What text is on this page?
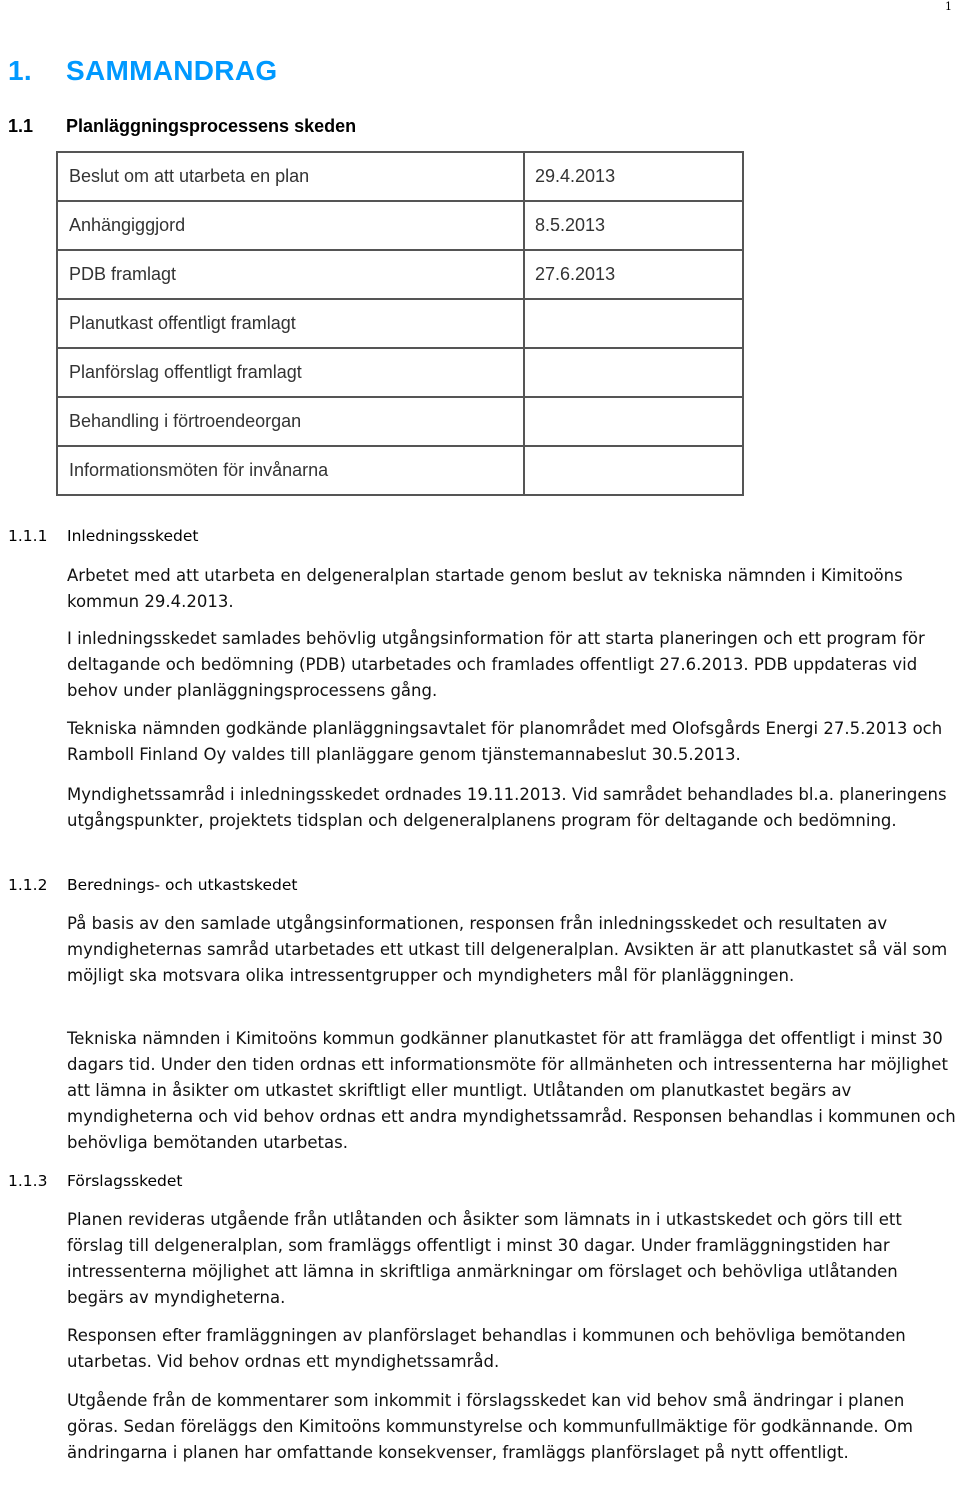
1
1. SAMMANDRAG
1.1 Planläggningsprocessens skeden
Beslut om att utarbeta en plan	29.4.2013
Anhängiggjord	8.5.2013
PDB framlagt	27.6.2013
Planutkast offentligt framlagt	
Planförslag offentligt framlagt	
Behandling i förtroendeorgan	
Informationsmöten för invånarna	
1.1.1 Inledningsskedet

Arbetet med att utarbeta en delgeneralplan startade genom beslut av tekniska nämnden i Kimitoöns kommun 29.4.2013.

I inledningsskedet samlades behövlig utgångsinformation för att starta planeringen och ett program för deltagande och bedömning (PDB) utarbetades och framlades offentligt 27.6.2013. PDB uppdateras vid behov under planläggningsprocessens gång.

Tekniska nämnden godkände planläggningsavtalet för planområdet med Olofsgårds Energi 27.5.2013 och Ramboll Finland Oy valdes till planläggare genom tjänstemannabeslut 30.5.2013.

Myndighetssamråd i inledningsskedet ordnades 19.11.2013. Vid samrådet behandlades bl.a. planeringens utgångspunkter, projektets tidsplan och delgeneralplanens program för deltagande och bedömning.

1.1.2 Berednings- och utkastskedet

På basis av den samlade utgångsinformationen, responsen från inledningsskedet och resultaten av myndigheternas samråd utarbetades ett utkast till delgeneralplan. Avsikten är att planutkastet så väl som möjligt ska motsvara olika intressentgrupper och myndigheters mål för planläggningen.

Tekniska nämnden i Kimitoöns kommun godkänner planutkastet för att framlägga det offentligt i minst 30 dagars tid. Under den tiden ordnas ett informationsmöte för allmänheten och intressenterna har möjlighet att lämna in åsikter om utkastet skriftligt eller muntligt. Utlåtanden om planutkastet begärs av myndigheterna och vid behov ordnas ett andra myndighetssamråd. Responsen behandlas i kommunen och behövliga bemötanden utarbetas.

1.1.3 Förslagsskedet

Planen revideras utgående från utlåtanden och åsikter som lämnats in i utkastskedet och görs till ett förslag till delgeneralplan, som framläggs offentligt i minst 30 dagar. Under framläggningstiden har intressenterna möjlighet att lämna in skriftliga anmärkningar om förslaget och behövliga utlåtanden begärs av myndigheterna.

Responsen efter framläggningen av planförslaget behandlas i kommunen och behövliga bemötanden utarbetas. Vid behov ordnas ett myndighetssamråd.

Utgående från de kommentarer som inkommit i förslagsskedet kan vid behov små ändringar i planen göras. Sedan föreläggs den Kimitoöns kommunstyrelse och kommunfullmäktige för godkännande. Om ändringarna i planen har omfattande konsekvenser, framläggs planförslaget på nytt offentligt.
